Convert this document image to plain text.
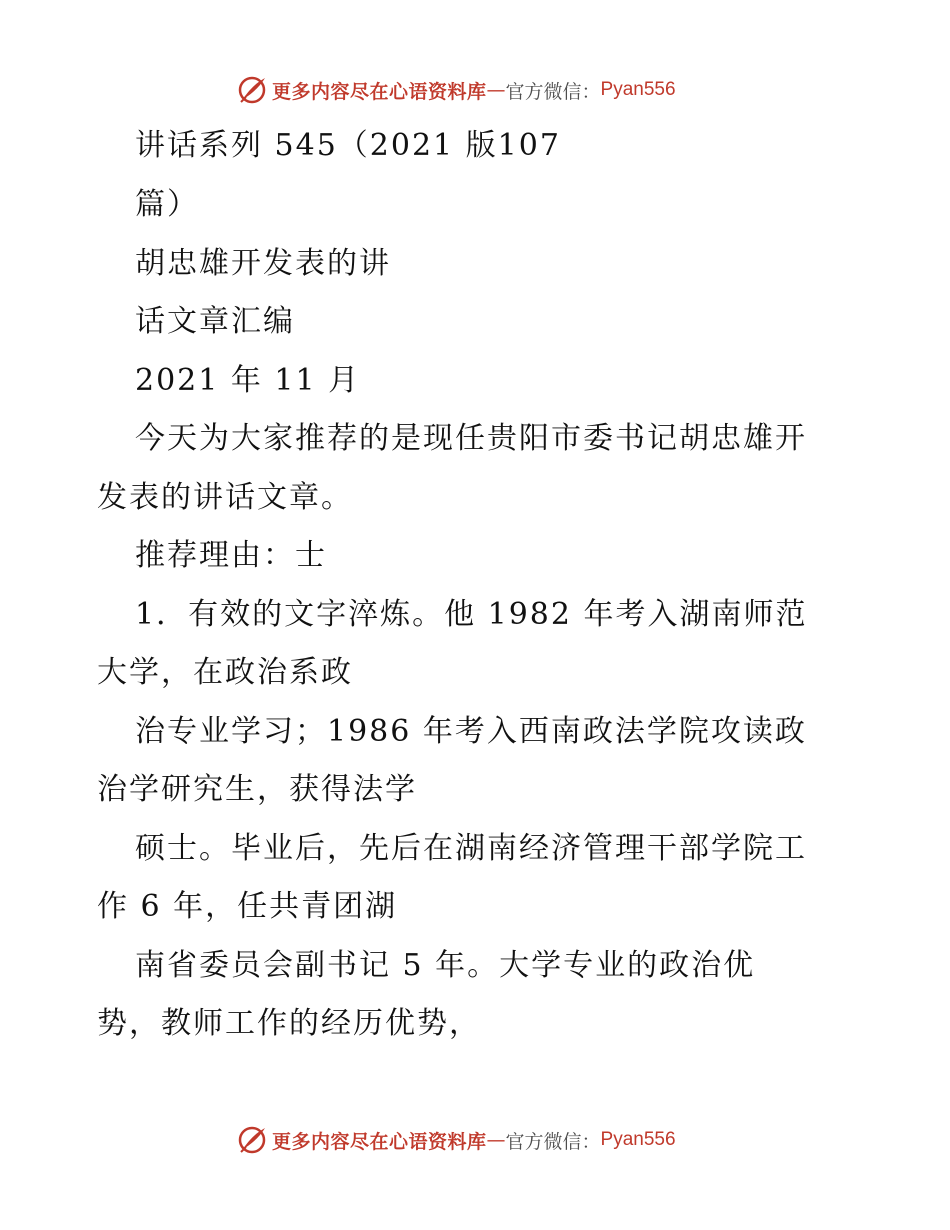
更多内容尽在心语资料库 — 官方微信： Pyan556
讲话系列 545（2021 版107
篇）
胡忠雄开发表的讲
话文章汇编
2021 年 11 月
今天为大家推荐的是现任贵阳市委书记胡忠雄开
发表的讲话文章。
推荐理由：士
1．有效的文字淬炼。他 1982 年考入湖南师范
大学，在政治系政
治专业学习；1986 年考入西南政法学院攻读政
治学研究生，获得法学
硕士。毕业后，先后在湖南经济管理干部学院工
作 6 年，任共青团湖
南省委员会副书记 5 年。大学专业的政治优
势，教师工作的经历优势，
更多内容尽在心语资料库 — 官方微信： Pyan556
